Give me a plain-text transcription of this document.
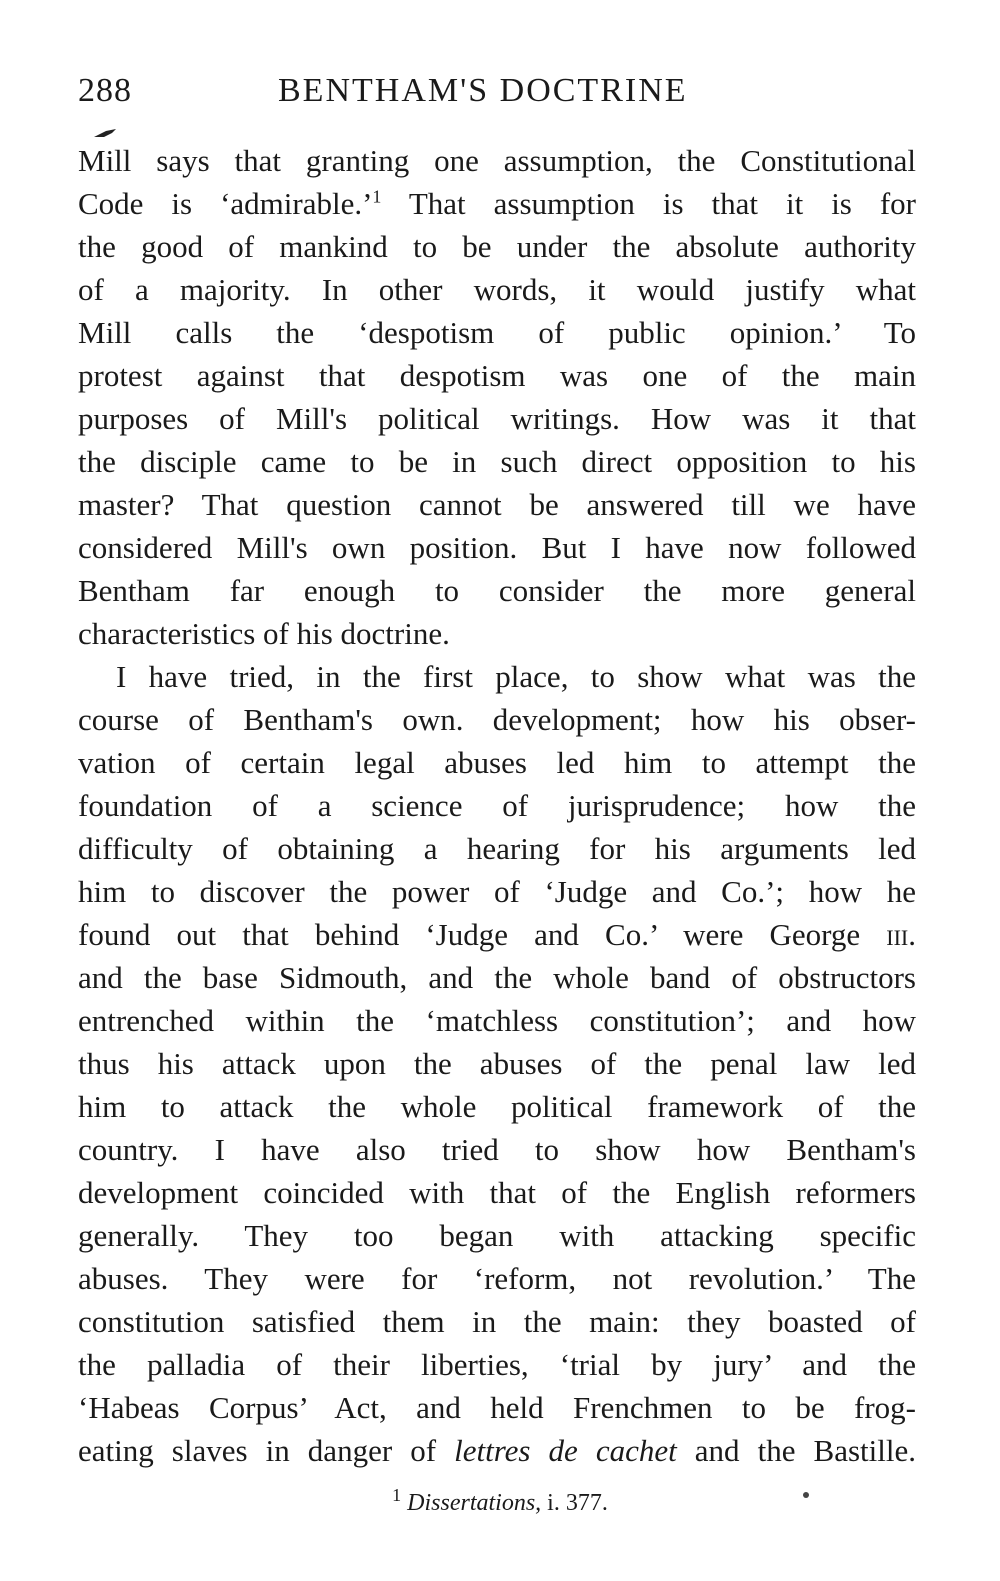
288	BENTHAM'S DOCTRINE
Mill says that granting one assumption, the Constitutional
Code is ‘admirable.’$^1$ That assumption is that it is for
the good of mankind to be under the absolute authority
of a majority. In other words, it would justify what
Mill calls the ‘despotism of public opinion.’ To
protest against that despotism was one of the main
purposes of Mill's political writings. How was it that
the disciple came to be in such direct opposition to his
master? That question cannot be answered till we have
considered Mill's own position. But I have now followed
Bentham far enough to consider the more general
characteristics of his doctrine.
I have tried, in the first place, to show what was the
course of Bentham's own. development; how his obser-
vation of certain legal abuses led him to attempt the
foundation of a science of jurisprudence; how the
difficulty of obtaining a hearing for his arguments led
him to discover the power of ‘Judge and Co.’; how he
found out that behind ‘Judge and Co.’ were George iii.
and the base Sidmouth, and the whole band of obstructors
entrenched within the ‘matchless constitution’; and how
thus his attack upon the abuses of the penal law led
him to attack the whole political framework of the
country. I have also tried to show how Bentham's
development coincided with that of the English reformers
generally. They too began with attacking specific
abuses. They were for ‘reform, not revolution.’ The
constitution satisfied them in the main: they boasted of
the palladia of their liberties, ‘trial by jury’ and the
‘Habeas Corpus’ Act, and held Frenchmen to be frog-
eating slaves in danger of lettres de cachet and the Bastille.
$^1$ Dissertations, i. 377.
